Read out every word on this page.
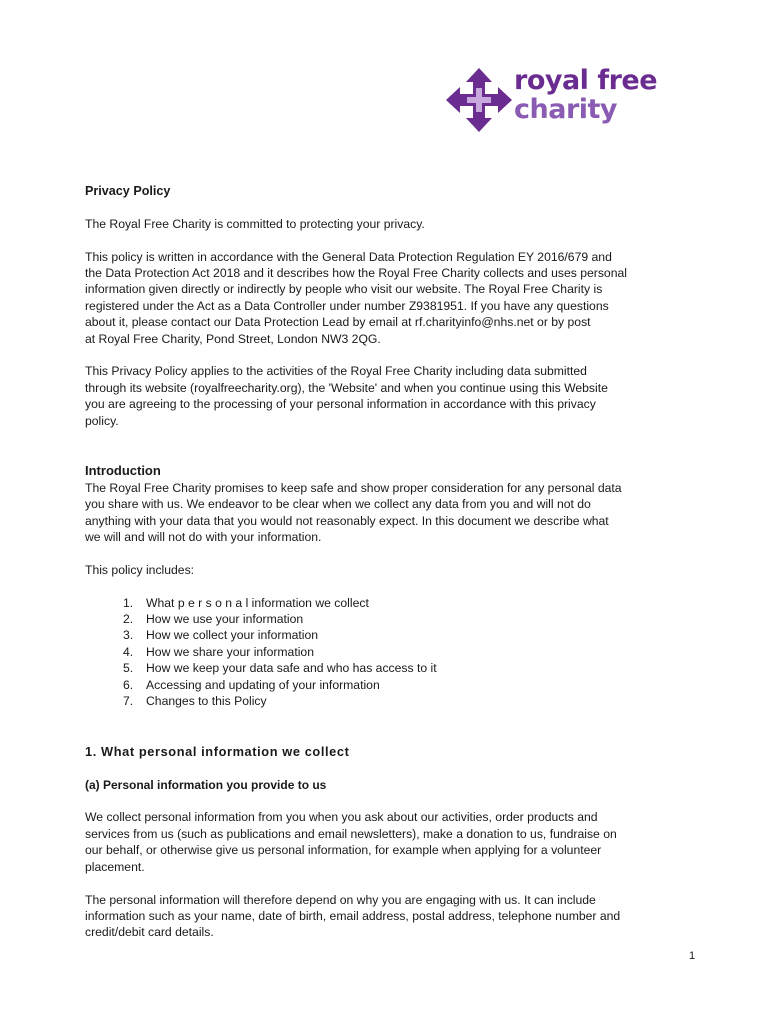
royal free
charity

Privacy Policy

The Royal Free Charity is committed to protecting your privacy.

This policy is written in accordance with the General Data Protection Regulation EY 2016/679 and

the Data Protection Act 2018 and it describes how the Royal Free Charity collects and uses personal

information given directly or indirectly by people who visit our website. The Royal Free Charity is

registered under the Act as a Data Controller under number Z9381951. If you have any questions

about it, please contact our Data Protection Lead by email at rf.charityinfo@nhs.net or by post

at Royal Free Charity, Pond Street, London NW3 2QG.

This Privacy Policy applies to the activities of the Royal Free Charity including data submitted

through its website (royalfreecharity.org), the 'Website' and when you continue using this Website

you are agreeing to the processing of your personal information in accordance with this privacy

policy.

Introduction

The Royal Free Charity promises to keep safe and show proper consideration for any personal data

you share with us. We endeavor to be clear when we collect any data from you and will not do

anything with your data that you would not reasonably expect. In this document we describe what

we will and will not do with your information.

This policy includes:

1.	What p e r s o n a l information we collect
2.	How we use your information
3.	How we collect your information
4.	How we share your information
5.	How we keep your data safe and who has access to it
6.	Accessing and updating of your information
7.	Changes to this Policy

1. What personal information we collect

(a) Personal information you provide to us

We collect personal information from you when you ask about our activities, order products and

services from us (such as publications and email newsletters), make a donation to us, fundraise on

our behalf, or otherwise give us personal information, for example when applying for a volunteer

placement.

The personal information will therefore depend on why you are engaging with us. It can include

information such as your name, date of birth, email address, postal address, telephone number and

credit/debit card details.

1
